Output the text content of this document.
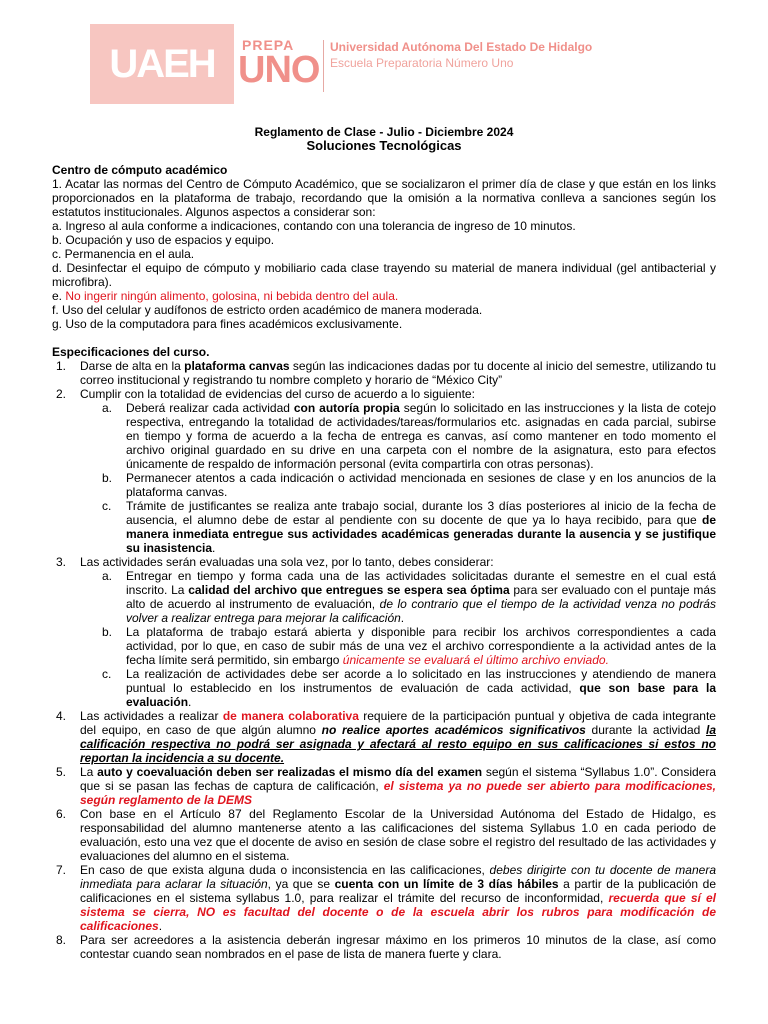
UAEH	PREPA
UNO
Universidad Autónoma Del Estado De Hidalgo
Escuela Preparatoria Número Uno
Reglamento de Clase - Julio - Diciembre 2024
Soluciones Tecnológicas

Centro de cómputo académico

1. Acatar las normas del Centro de Cómputo Académico, que se socializaron el primer día de clase y que están en los links proporcionados en la plataforma de trabajo, recordando que la omisión a la normativa conlleva a sanciones según los estatutos institucionales. Algunos aspectos a considerar son:

a. Ingreso al aula conforme a indicaciones, contando con una tolerancia de ingreso de 10 minutos.

b. Ocupación y uso de espacios y equipo.

c. Permanencia en el aula.

d. Desinfectar el equipo de cómputo y mobiliario cada clase trayendo su material de manera individual (gel antibacterial y microfibra).

e. No ingerir ningún alimento, golosina, ni bebida dentro del aula.

f. Uso del celular y audífonos de estricto orden académico de manera moderada.

g. Uso de la computadora para fines académicos exclusivamente.

Especificaciones del curso.

1. Darse de alta en la plataforma canvas según las indicaciones dadas por tu docente al inicio del semestre, utilizando tu correo institucional y registrando tu nombre completo y horario de “México City”
2. Cumplir con la totalidad de evidencias del curso de acuerdo a lo siguiente:
a. Deberá realizar cada actividad con autoría propia según lo solicitado en las instrucciones y la lista de cotejo respectiva, entregando la totalidad de actividades/tareas/formularios etc. asignadas en cada parcial, subirse en tiempo y forma de acuerdo a la fecha de entrega es canvas, así como mantener en todo momento el archivo original guardado en su drive en una carpeta con el nombre de la asignatura, esto para efectos únicamente de respaldo de información personal (evita compartirla con otras personas).
b. Permanecer atentos a cada indicación o actividad mencionada en sesiones de clase y en los anuncios de la plataforma canvas.
c. Trámite de justificantes se realiza ante trabajo social, durante los 3 días posteriores al inicio de la fecha de ausencia, el alumno debe de estar al pendiente con su docente de que ya lo haya recibido, para que de manera inmediata entregue sus actividades académicas generadas durante la ausencia y se justifique su inasistencia.
3. Las actividades serán evaluadas una sola vez, por lo tanto, debes considerar:
a. Entregar en tiempo y forma cada una de las actividades solicitadas durante el semestre en el cual está inscrito. La calidad del archivo que entregues se espera sea óptima para ser evaluado con el puntaje más alto de acuerdo al instrumento de evaluación, de lo contrario que el tiempo de la actividad venza no podrás volver a realizar entrega para mejorar la calificación.
b. La plataforma de trabajo estará abierta y disponible para recibir los archivos correspondientes a cada actividad, por lo que, en caso de subir más de una vez el archivo correspondiente a la actividad antes de la fecha límite será permitido, sin embargo únicamente se evaluará el último archivo enviado.
c. La realización de actividades debe ser acorde a lo solicitado en las instrucciones y atendiendo de manera puntual lo establecido en los instrumentos de evaluación de cada actividad, que son base para la evaluación.
4. Las actividades a realizar de manera colaborativa requiere de la participación puntual y objetiva de cada integrante del equipo, en caso de que algún alumno no realice aportes académicos significativos durante la actividad la calificación respectiva no podrá ser asignada y afectará al resto equipo en sus calificaciones si estos no reportan la incidencia a su docente.
5. La auto y coevaluación deben ser realizadas el mismo día del examen según el sistema “Syllabus 1.0”. Considera que si se pasan las fechas de captura de calificación, el sistema ya no puede ser abierto para modificaciones, según reglamento de la DEMS
6. Con base en el Artículo 87 del Reglamento Escolar de la Universidad Autónoma del Estado de Hidalgo, es responsabilidad del alumno mantenerse atento a las calificaciones del sistema Syllabus 1.0 en cada periodo de evaluación, esto una vez que el docente de aviso en sesión de clase sobre el registro del resultado de las actividades y evaluaciones del alumno en el sistema.
7. En caso de que exista alguna duda o inconsistencia en las calificaciones, debes dirigirte con tu docente de manera inmediata para aclarar la situación, ya que se cuenta con un límite de 3 días hábiles a partir de la publicación de calificaciones en el sistema syllabus 1.0, para realizar el trámite del recurso de inconformidad, recuerda que sí el sistema se cierra, NO es facultad del docente o de la escuela abrir los rubros para modificación de calificaciones.
8. Para ser acreedores a la asistencia deberán ingresar máximo en los primeros 10 minutos de la clase, así como contestar cuando sean nombrados en el pase de lista de manera fuerte y clara.
